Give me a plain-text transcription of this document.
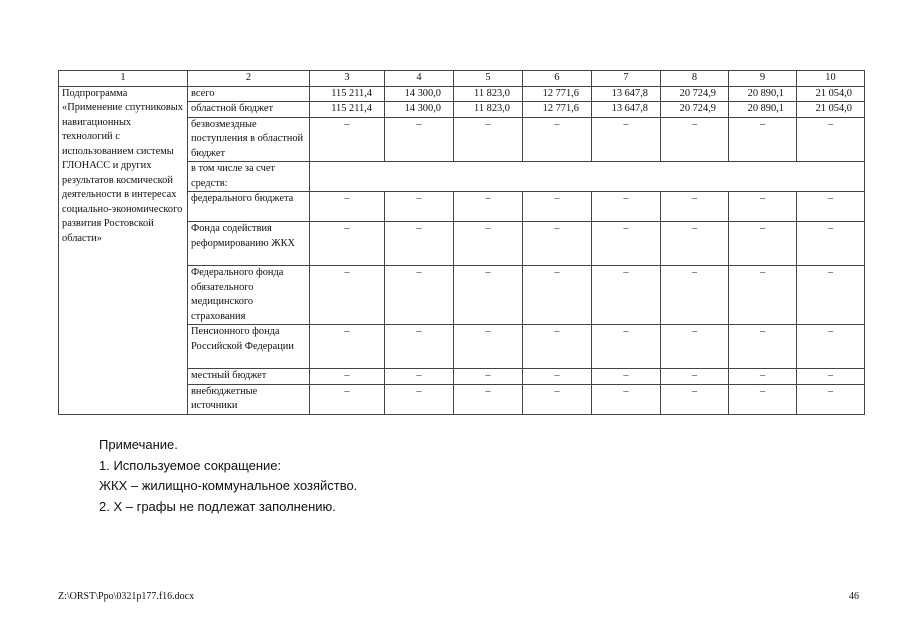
1	2	3	4	5	6	7	8	9	10
Подпрограмма «Применение спутниковых навигационных технологий с использованием системы ГЛОНАСС и других результатов космической деятельности в интересах социально-экономического развития Ростовской области»	всего	115 211,4	14 300,0	11 823,0	12 771,6	13 647,8	20 724,9	20 890,1	21 054,0
	областной бюджет	115 211,4	14 300,0	11 823,0	12 771,6	13 647,8	20 724,9	20 890,1	21 054,0
	безвозмездные поступления в областной бюджет	–	–	–	–	–	–	–	–
	в том числе за счет средств:								
	федерального бюджета	–	–	–	–	–	–	–	–
	Фонда содействия реформированию ЖКХ	–	–	–	–	–	–	–	–
	Федерального фонда обязательного медицинского страхования	–	–	–	–	–	–	–	–
	Пенсионного фонда Российской Федерации	–	–	–	–	–	–	–	–
	местный бюджет	–	–	–	–	–	–	–	–
	внебюджетные источники	–	–	–	–	–	–	–	–
Примечание.
1. Используемое сокращение:
ЖКХ – жилищно-коммунальное хозяйство.
2. Х – графы не подлежат заполнению.
Z:\ORST\Ppo\0321p177.f16.docx	46
